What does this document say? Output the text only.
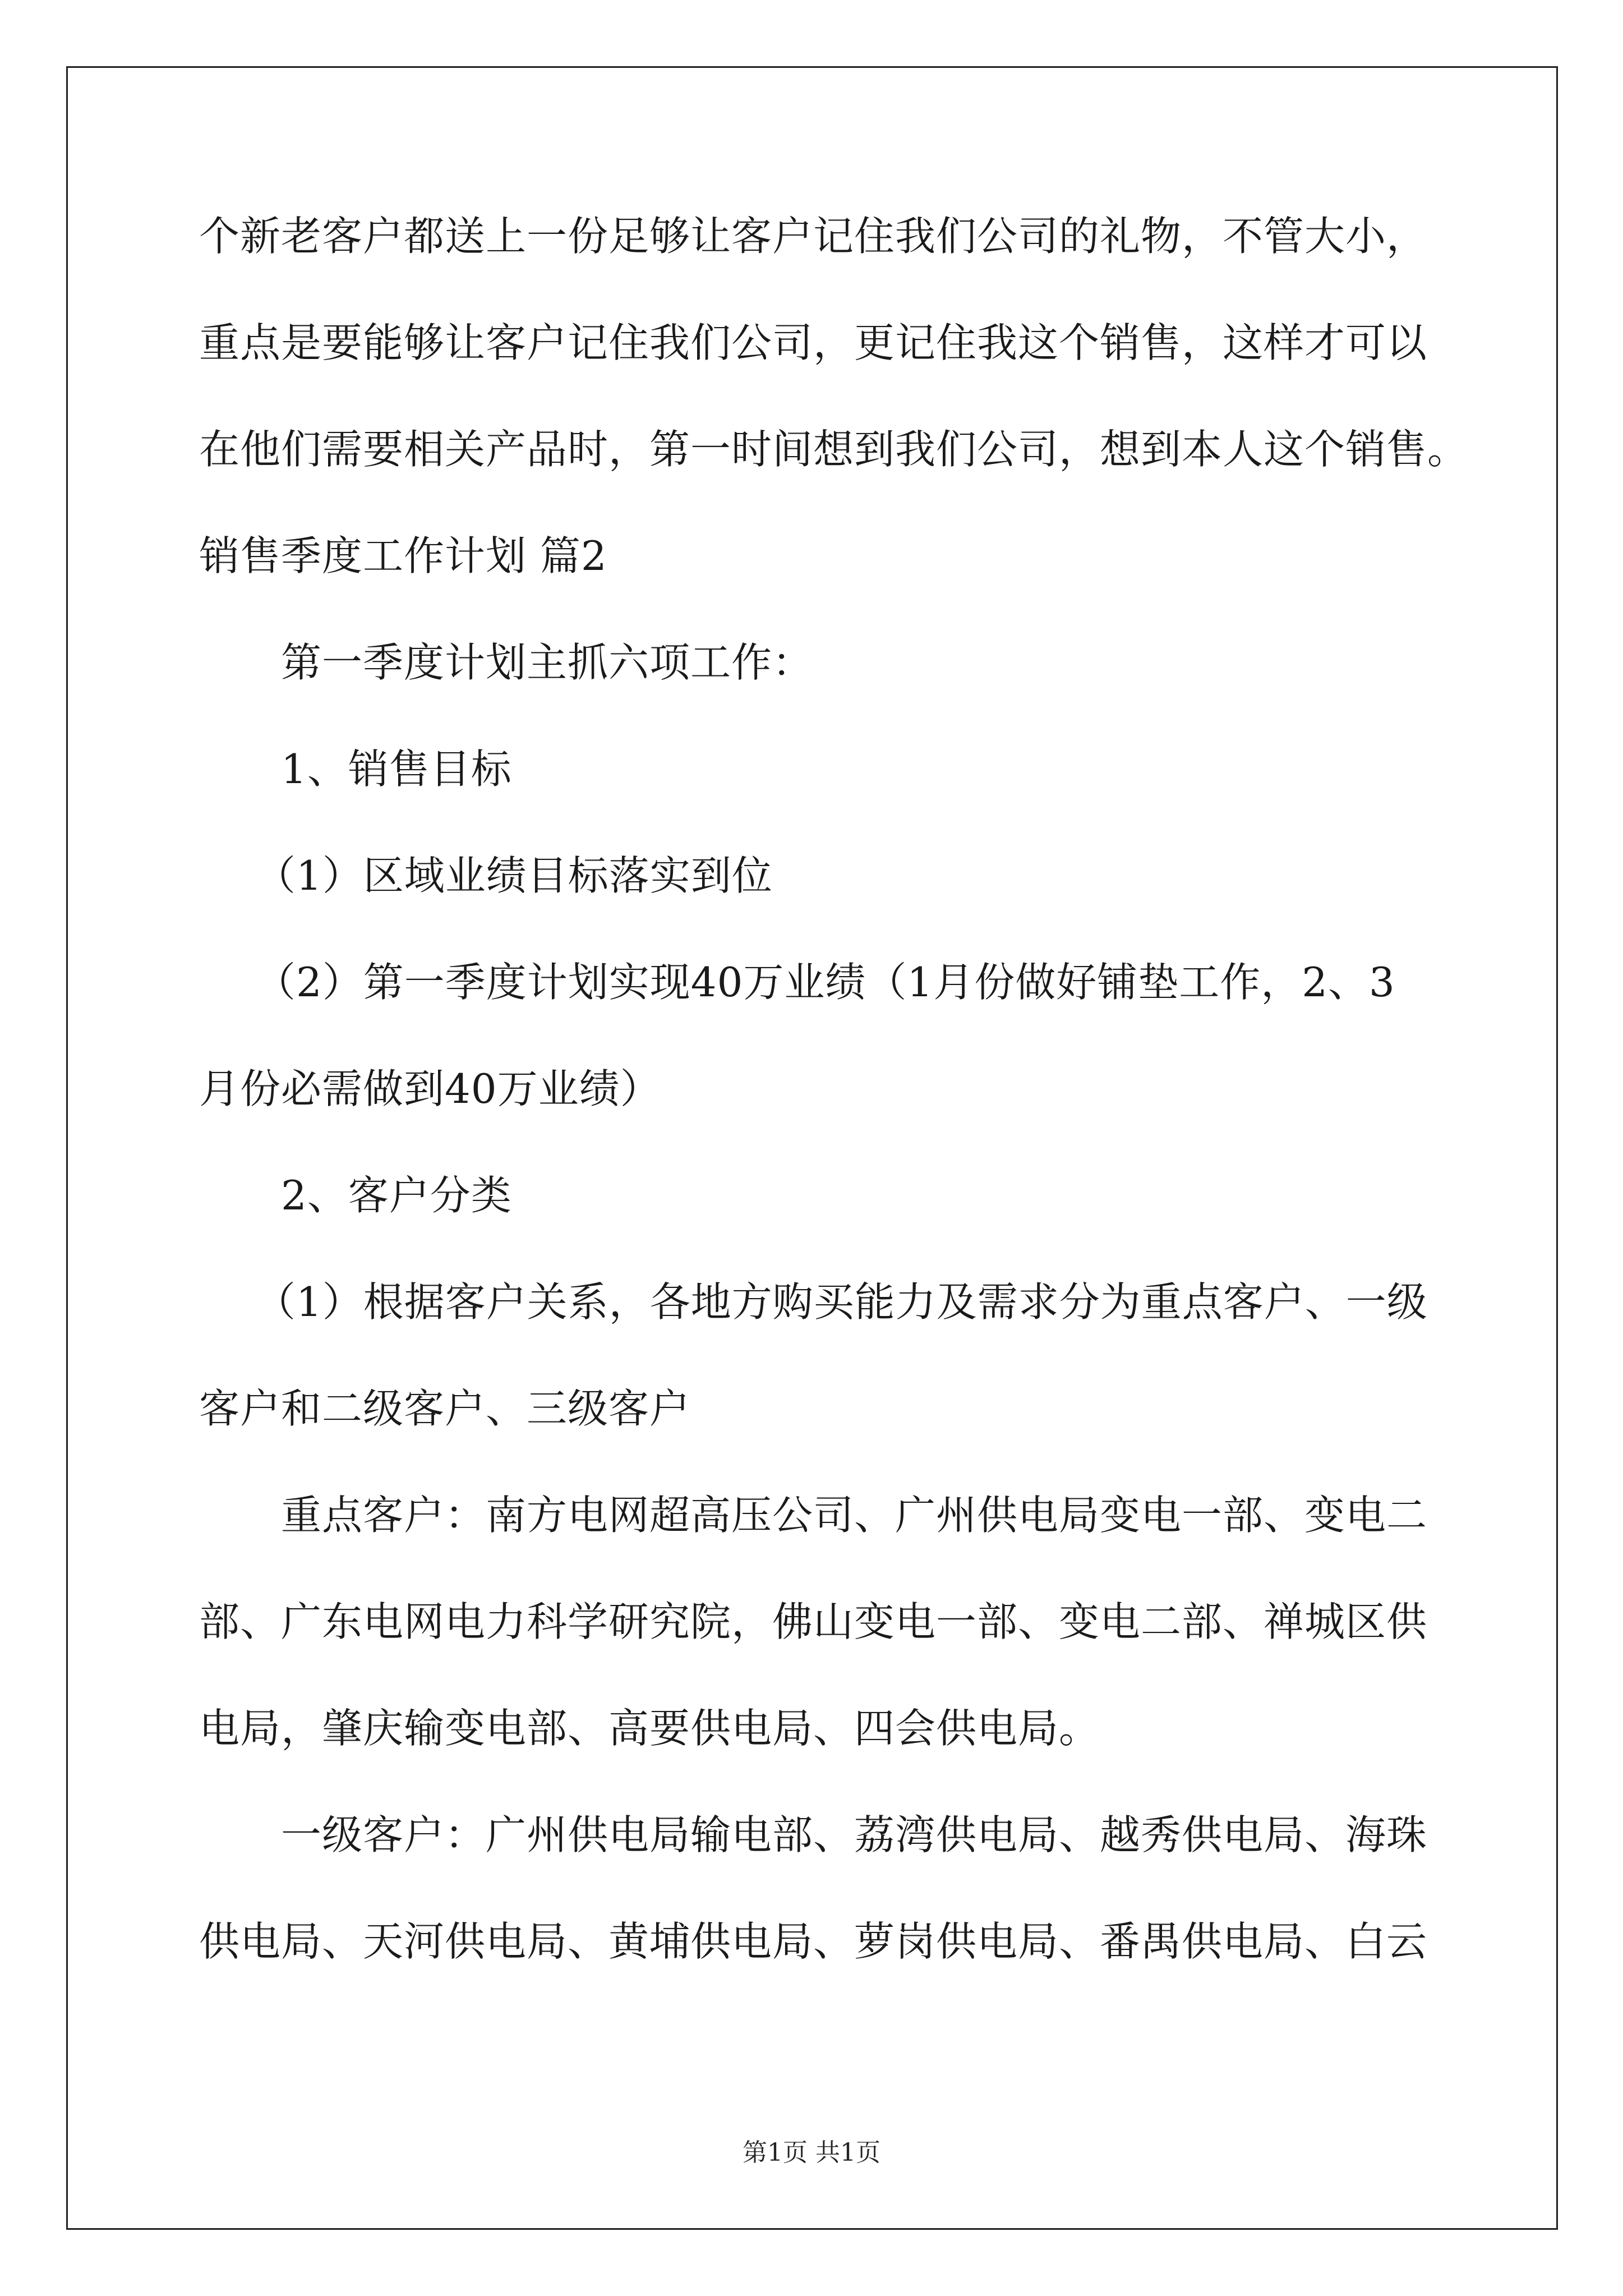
个新老客户都送上一份足够让客户记住我们公司的礼物，不管大小，

重点是要能够让客户记住我们公司，更记住我这个销售，这样才可以

在他们需要相关产品时，第一时间想到我们公司，想到本人这个销售。

销售季度工作计划 篇2

第一季度计划主抓六项工作：

1、销售目标

（1）区域业绩目标落实到位

（2）第一季度计划实现40万业绩（1月份做好铺垫工作，2、3

月份必需做到40万业绩）

2、客户分类

（1）根据客户关系，各地方购买能力及需求分为重点客户、一级

客户和二级客户、三级客户

重点客户：南方电网超高压公司、广州供电局变电一部、变电二

部、广东电网电力科学研究院，佛山变电一部、变电二部、禅城区供

电局，肇庆输变电部、高要供电局、四会供电局。

一级客户：广州供电局输电部、荔湾供电局、越秀供电局、海珠

供电局、天河供电局、黄埔供电局、萝岗供电局、番禺供电局、白云

第1页 共1页
